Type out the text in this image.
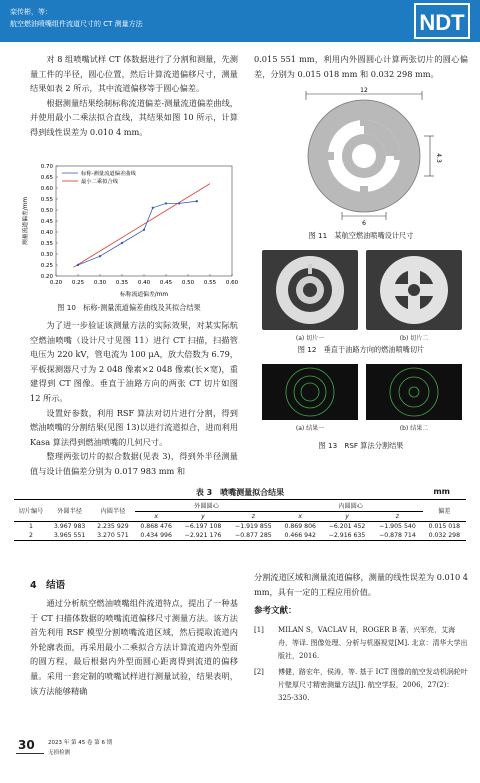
栾传彬，等：
航空燃油喷嘴组件流道尺寸的 CT 测量方法	NDT

对 8 组喷嘴试样 CT 体数据进行了分割和测量，先测量工件的半径，圆心位置，然后计算流道偏移尺寸，测量结果如表 2 所示，其中流道偏移等于圆心偏差。

根据测量结果绘制标称流道偏差-测量流道偏差曲线，并使用最小二乘法拟合直线，其结果如图 10 所示，计算得到线性误差为 0.010 4 mm。

0.20 0.25 0.30 0.35 0.40 0.45 0.50 0.55 0.60
0.20
0.25
0.30
0.35
0.40
0.45
0.50
0.55
0.60
0.65
0.70
标称流道偏差/mm
测量流道偏差/mm
标称-测量流道偏差曲线
最小二乘拟合线
图 10　标称-测量流道偏差曲线及其拟合结果

为了进一步验证该测量方法的实际效果，对某实际航空燃油喷嘴（设计尺寸见图 11）进行 CT 扫描，扫描管电压为 220 kV，管电流为 100 μA，放大倍数为 6.79，平板探测器尺寸为 2 048 像素×2 048 像素(长×宽)，重建得到 CT 图像。垂直于油路方向的两张 CT 切片如图 12 所示。

设置好参数，利用 RSF 算法对切片进行分割，得到燃油喷嘴的分割结果(见图 13)以进行流道拟合，进而利用 Kasa 算法得到燃油喷嘴的几何尺寸。

整理两张切片的拟合数据(见表 3)，得到外半径测量值与设计值偏差分别为 0.017 983 mm 和

0.015 551 mm，利用内外圆圆心计算两张切片的圆心偏差，分别为 0.015 018 mm 和 0.032 298 mm。

12
4.3
6
图 11　某航空燃油喷嘴设计尺寸
(a) 切片一	(b) 切片二
图 12　垂直于油路方向的燃油喷嘴切片
(a) 结果一	(b) 结果二
图 13　RSF 算法分割结果
表 3　喷嘴测量拟合结果	mm
切片编号	外圆半径	内圆半径	外圆圆心			内圆圆心			偏差
			x	y	z	x	y	z	
1	3.967 983	2.235 929	0.868 476	−6.197 108	−1.919 855	0.869 806	−6.201 452	−1.905 540	0.015 018
2	3.965 551	3.270 571	0.434 996	−2.921 176	−0.877 285	0.466 942	−2.916 635	−0.878 714	0.032 298
4　结语

通过分析航空燃油喷嘴组件流道特点，提出了一种基于 CT 扫描体数据的喷嘴流道偏移尺寸测量方法。该方法首先利用 RSF 模型分割喷嘴流道区域，然后提取流道内外轮廓表面，再采用最小二乘拟合方法计算流道内外型面的圆方程，最后根据内外型面圆心距离得到流道的偏移量。采用一套定制的喷嘴试样进行测量试验，结果表明，该方法能够精确

分割流道区域和测量流道偏移，测量的线性误差为 0.010 4 mm，具有一定的工程应用价值。

参考文献：
[1] MILAN S，VACLAV H，ROGER B 著，兴军亮，艾海舟，等译. 图像处理、分析与机器视觉[M]. 北京：清华大学出版社，2016.
[2] 傅健，路宏年，侯涛，等. 基于 ICT 图像的航空发动机涡轮叶片壁厚尺寸精密测量方法[J]. 航空学报，2006，27(2)：325-330.
30 2023 年 第 45 卷 第 6 期
无损检测
